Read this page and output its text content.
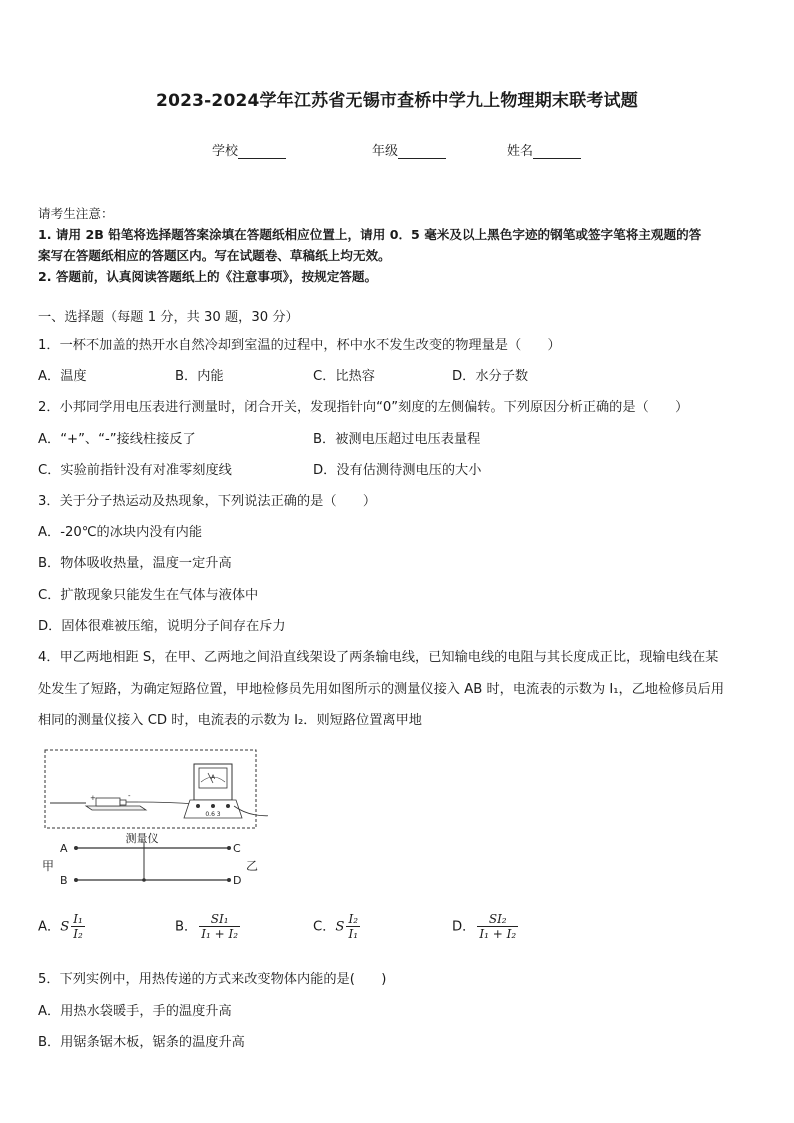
2023-2024学年江苏省无锡市查桥中学九上物理期末联考试题
学校	年级	姓名
请考生注意：
1. 请用 2B 铅笔将选择题答案涂填在答题纸相应位置上，请用 0．5 毫米及以上黑色字迹的钢笔或签字笔将主观题的答
案写在答题纸相应的答题区内。写在试题卷、草稿纸上均无效。
2. 答题前，认真阅读答题纸上的《注意事项》，按规定答题。
一、选择题（每题 1 分，共 30 题，30 分）
1．一杯不加盖的热开水自然冷却到室温的过程中，杯中水不发生改变的物理量是（　　）
A．温度	B．内能	C．比热容	D．水分子数
2．小邦同学用电压表进行测量时，闭合开关，发现指针向“0”刻度的左侧偏转。下列原因分析正确的是（　　）
A．“+”、“-”接线柱接反了	B．被测电压超过电压表量程
C．实验前指针没有对准零刻度线	D．没有估测待测电压的大小
3．关于分子热运动及热现象，下列说法正确的是（　　）
A．-20℃的冰块内没有内能
B．物体吸收热量，温度一定升高
C．扩散现象只能发生在气体与液体中
D．固体很难被压缩，说明分子间存在斥力
4．甲乙两地相距 S，在甲、乙两地之间沿直线架设了两条输电线，已知输电线的电阻与其长度成正比，现输电线在某
处发生了短路，为确定短路位置，甲地检修员先用如图所示的测量仪接入 AB 时，电流表的示数为 I₁，乙地检修员后用
相同的测量仪接入 CD 时，电流表的示数为 I₂．则短路位置离甲地
+	-
A
0.6 3
测量仪
A
B
C
D
甲	乙
A．S $\frac{\text{I₁}}{\text{I₂}}$	B． $\frac{\text{SI₁}}{\text{I₁ + I₂}}$	C．S $\frac{\text{I₂}}{\text{I₁}}$	D． $\frac{\text{SI₂}}{\text{I₁ + I₂}}$
5．下列实例中，用热传递的方式来改变物体内能的是(　　)
A．用热水袋暖手，手的温度升高
B．用锯条锯木板，锯条的温度升高
